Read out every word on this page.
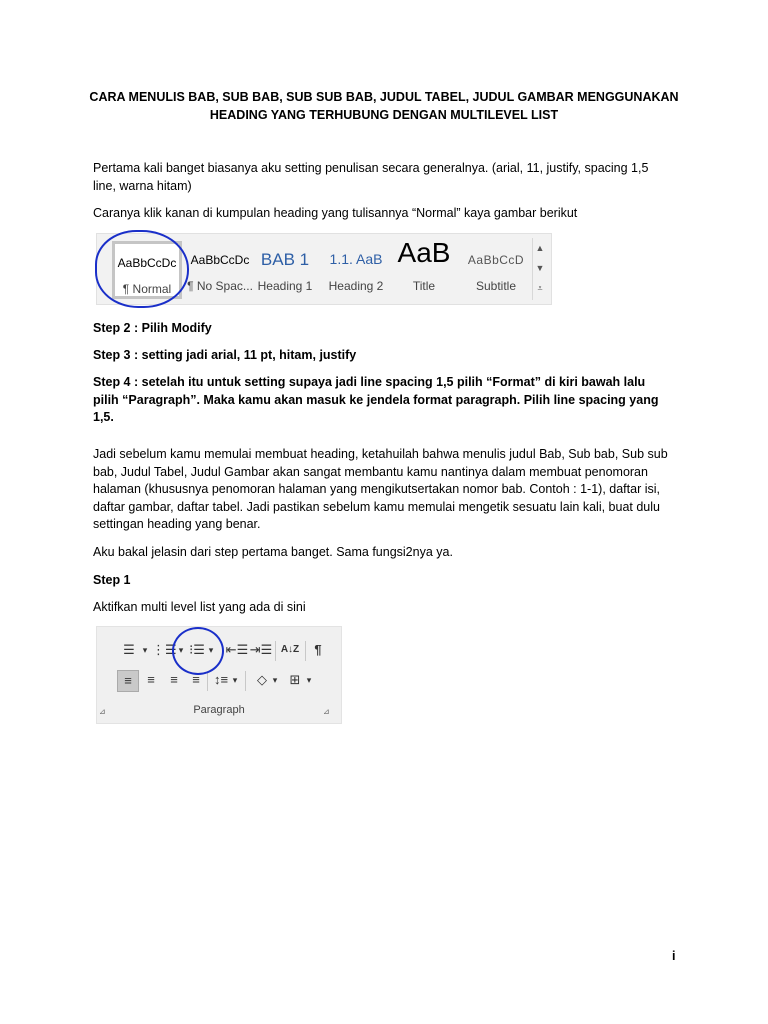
CARA MENULIS BAB, SUB BAB, SUB SUB BAB, JUDUL TABEL, JUDUL GAMBAR MENGGUNAKAN
HEADING YANG TERHUBUNG DENGAN MULTILEVEL LIST
Pertama kali banget biasanya aku setting penulisan secara generalnya. (arial, 11, justify, spacing 1,5 line, warna hitam)
Caranya klik kanan di kumpulan heading yang tulisannya “Normal” kaya gambar berikut
AaBbCcDc
¶ Normal
AaBbCcDc
¶ No Spac...
BAB 1
Heading 1
1.1. AaB
Heading 2
AaB
Title
AaBbCcD
Subtitle
▲
▼
⩡
Step 2 : Pilih Modify
Step 3 : setting jadi arial, 11 pt, hitam, justify
Step 4 : setelah itu untuk setting supaya jadi line spacing 1,5 pilih “Format” di kiri bawah lalu pilih “Paragraph”. Maka kamu akan masuk ke jendela format paragraph. Pilih line spacing yang 1,5.
Jadi sebelum kamu memulai membuat heading, ketahuilah bahwa menulis judul Bab, Sub bab, Sub sub bab, Judul Tabel, Judul Gambar akan sangat membantu kamu nantinya dalam membuat penomoran halaman (khususnya penomoran halaman yang mengikutsertakan nomor bab. Contoh : 1-1), daftar isi, daftar gambar, daftar tabel. Jadi pastikan sebelum kamu memulai mengetik sesuatu lain kali, buat dulu settingan heading yang benar.
Aku bakal jelasin dari step pertama banget. Sama fungsi2nya ya.
Step 1
Aktifkan multi level list yang ada di sini
☰ ▾ ⋮☰ ▾ ⁝☰ ▾ ⇤☰ ⇥☰ A↓Z	¶
≡	≡	≡	≡	↕≡ ▾	◇ ▾ ⊞ ▾
⊿	Paragraph	⊿
i
